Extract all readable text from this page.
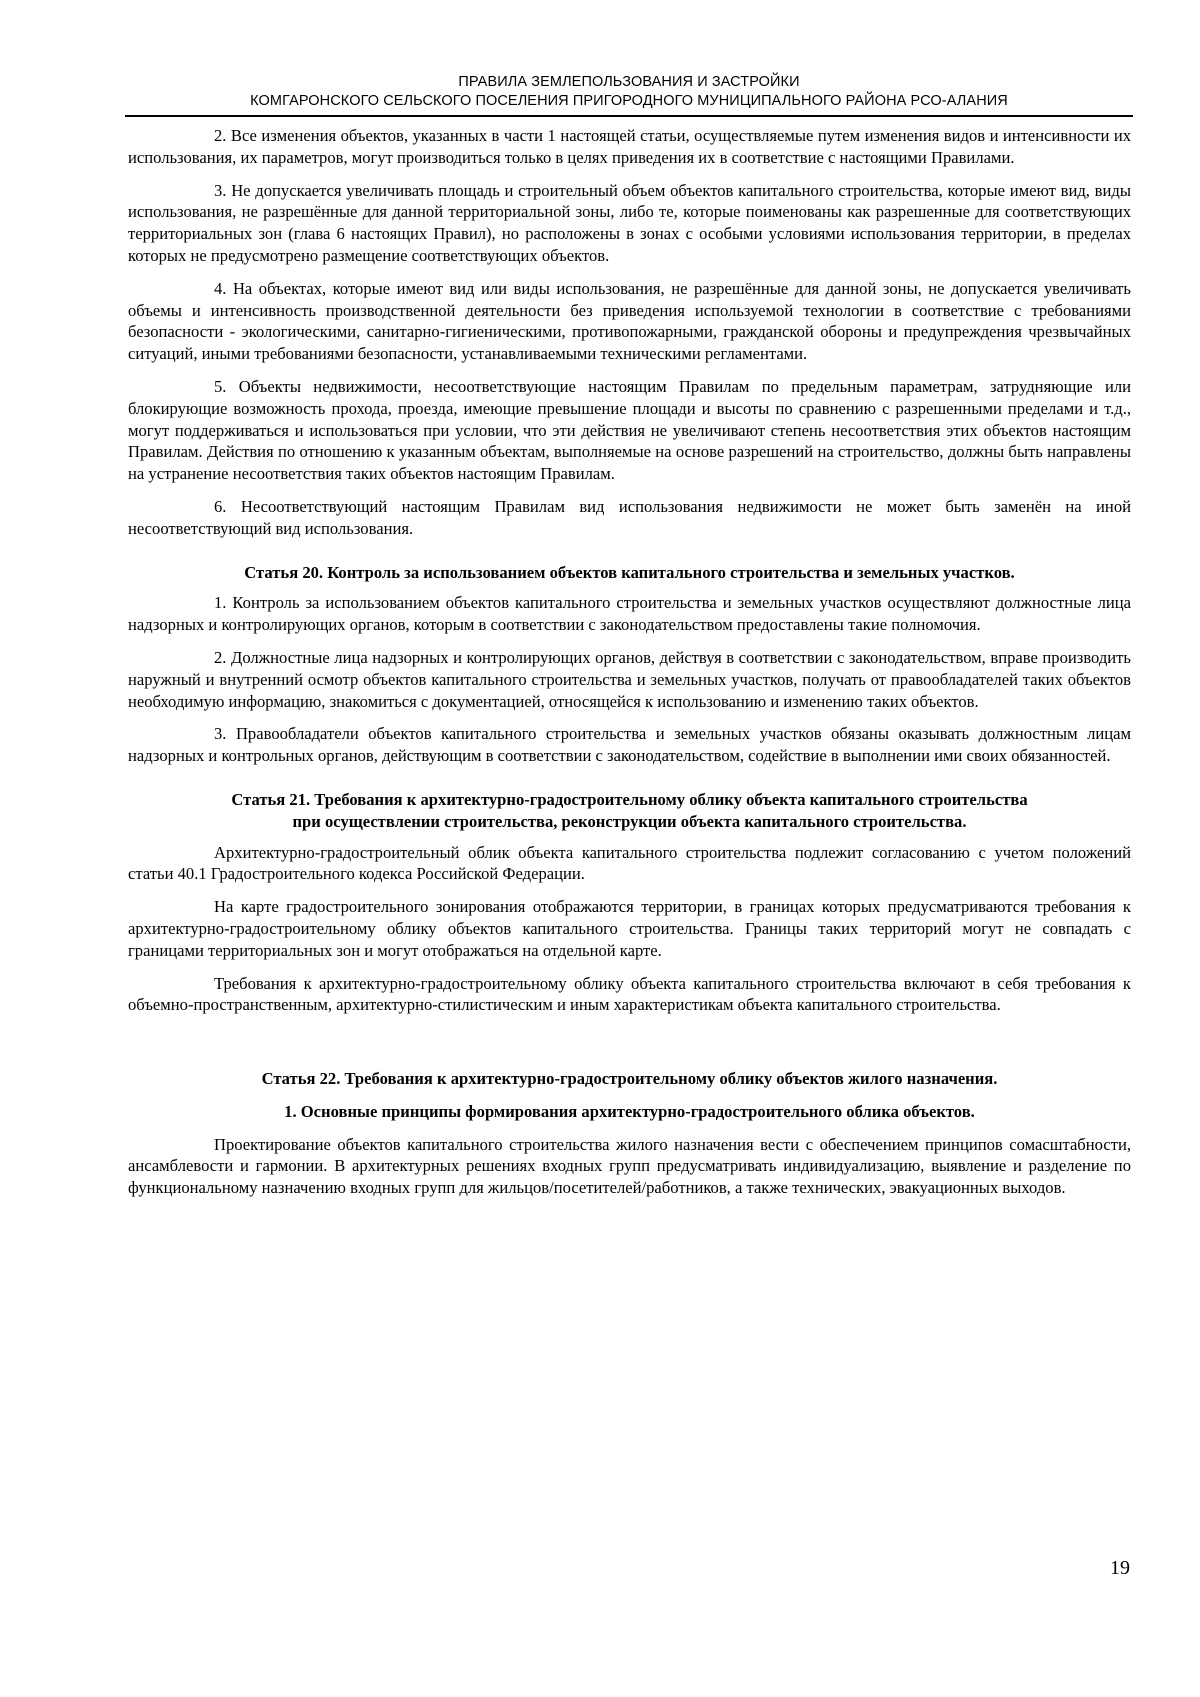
ПРАВИЛА ЗЕМЛЕПОЛЬЗОВАНИЯ И ЗАСТРОЙКИ
КОМГАРОНСКОГО СЕЛЬСКОГО ПОСЕЛЕНИЯ ПРИГОРОДНОГО МУНИЦИПАЛЬНОГО РАЙОНА РСО-АЛАНИЯ

2. Все изменения объектов, указанных в части 1 настоящей статьи, осуществляемые путем изменения видов и интенсивности их использования, их параметров, могут производиться только в целях приведения их в соответствие с настоящими Правилами.

3. Не допускается увеличивать площадь и строительный объем объектов капитального строительства, которые имеют вид, виды использования, не разрешённые для данной территориальной зоны, либо те, которые поименованы как разрешенные для соответствующих территориальных зон (глава 6 настоящих Правил), но расположены в зонах с особыми условиями использования территории, в пределах которых не предусмотрено размещение соответствующих объектов.

4. На объектах, которые имеют вид или виды использования, не разрешённые для данной зоны, не допускается увеличивать объемы и интенсивность производственной деятельности без приведения используемой технологии в соответствие с требованиями безопасности - экологическими, санитарно-гигиеническими, противопожарными, гражданской обороны и предупреждения чрезвычайных ситуаций, иными требованиями безопасности, устанавливаемыми техническими регламентами.

5. Объекты недвижимости, несоответствующие настоящим Правилам по предельным параметрам, затрудняющие или блокирующие возможность прохода, проезда, имеющие превышение площади и высоты по сравнению с разрешенными пределами и т.д., могут поддерживаться и использоваться при условии, что эти действия не увеличивают степень несоответствия этих объектов настоящим Правилам. Действия по отношению к указанным объектам, выполняемые на основе разрешений на строительство, должны быть направлены на устранение несоответствия таких объектов настоящим Правилам.

6. Несоответствующий настоящим Правилам вид использования недвижимости не может быть заменён на иной несоответствующий вид использования.

Статья 20. Контроль за использованием объектов капитального строительства и земельных участков.

1. Контроль за использованием объектов капитального строительства и земельных участков осуществляют должностные лица надзорных и контролирующих органов, которым в соответствии с законодательством предоставлены такие полномочия.

2. Должностные лица надзорных и контролирующих органов, действуя в соответствии с законодательством, вправе производить наружный и внутренний осмотр объектов капитального строительства и земельных участков, получать от правообладателей таких объектов необходимую информацию, знакомиться с документацией, относящейся к использованию и изменению таких объектов.

3. Правообладатели объектов капитального строительства и земельных участков обязаны оказывать должностным лицам надзорных и контрольных органов, действующим в соответствии с законодательством, содействие в выполнении ими своих обязанностей.

Статья 21. Требования к архитектурно-градостроительному облику объекта капитального строительства
при осуществлении строительства, реконструкции объекта капитального строительства.

Архитектурно-градостроительный облик объекта капитального строительства подлежит согласованию с учетом положений статьи 40.1 Градостроительного кодекса Российской Федерации.

На карте градостроительного зонирования отображаются территории, в границах которых предусматриваются требования к архитектурно-градостроительному облику объектов капитального строительства. Границы таких территорий могут не совпадать с границами территориальных зон и могут отображаться на отдельной карте.

Требования к архитектурно-градостроительному облику объекта капитального строительства включают в себя требования к объемно-пространственным, архитектурно-стилистическим и иным характеристикам объекта капитального строительства.

Статья 22. Требования к архитектурно-градостроительному облику объектов жилого назначения.
1. Основные принципы формирования архитектурно-градостроительного облика объектов.

Проектирование объектов капитального строительства жилого назначения вести с обеспечением принципов сомасштабности, ансамблевости и гармонии. В архитектурных решениях входных групп предусматривать индивидуализацию, выявление и разделение по функциональному назначению входных групп для жильцов/посетителей/работников, а также технических, эвакуационных выходов.

19
